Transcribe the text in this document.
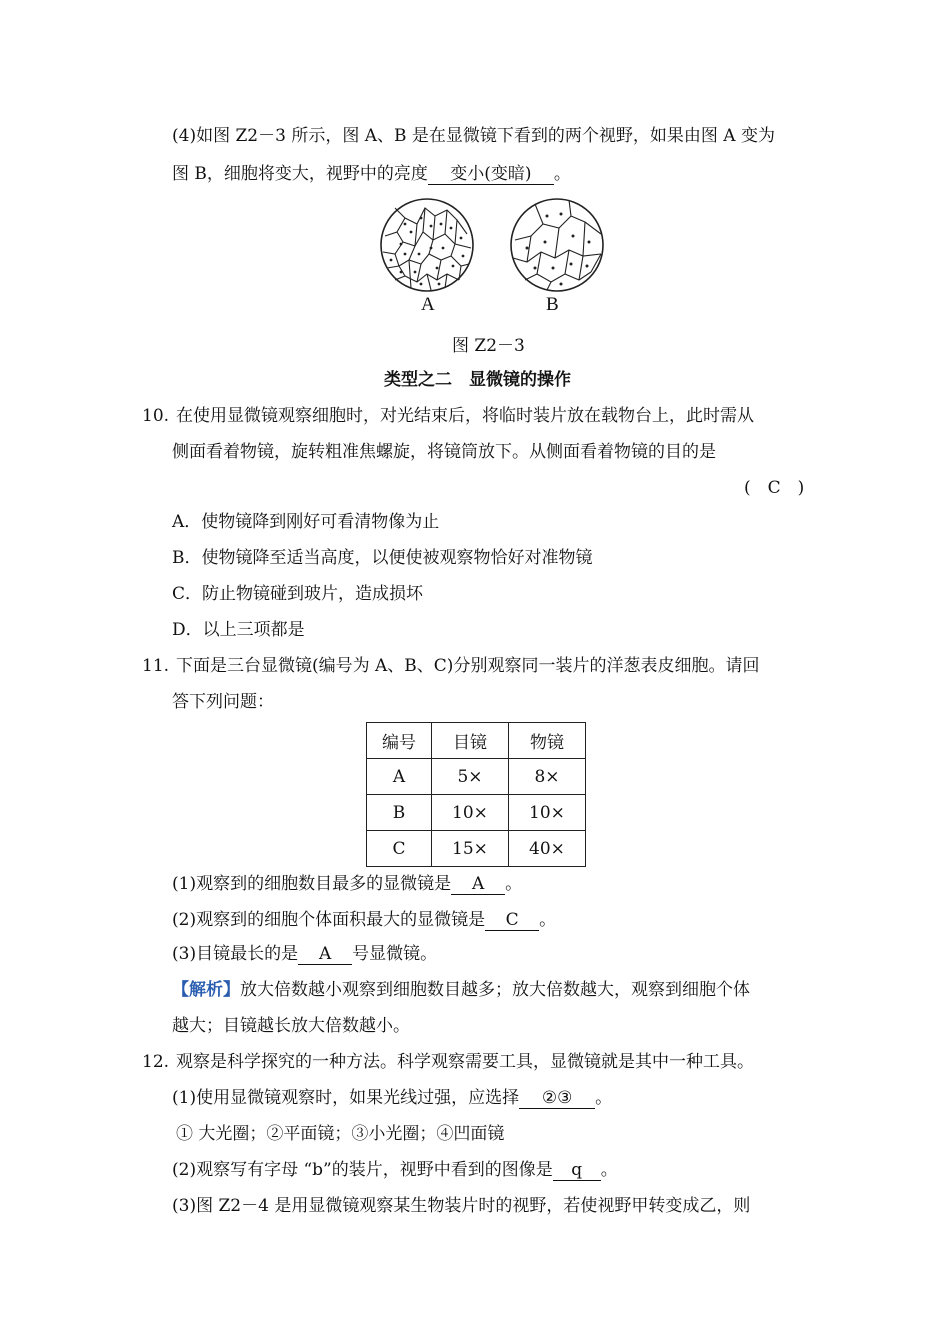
(4)如图 Z2－3 所示，图 A、B 是在显微镜下看到的两个视野，如果由图 A 变为
图 B，细胞将变大，视野中的亮度 变小(变暗) 。
A	B
图 Z2－3
类型之二　显微镜的操作
10. 在使用显微镜观察细胞时，对光结束后，将临时装片放在载物台上，此时需从
侧面看着物镜，旋转粗准焦螺旋，将镜筒放下。从侧面看着物镜的目的是
(　C　)
A．使物镜降到刚好可看清物像为止
B．使物镜降至适当高度，以便使被观察物恰好对准物镜
C．防止物镜碰到玻片，造成损坏
D．以上三项都是
11. 下面是三台显微镜(编号为 A、B、C)分别观察同一装片的洋葱表皮细胞。请回
答下列问题：
编号	目镜	物镜
A	5×	8×
B	10×	10×
C	15×	40×
(1)观察到的细胞数目最多的显微镜是 A 。
(2)观察到的细胞个体面积最大的显微镜是 C 。
(3)目镜最长的是 A 号显微镜。
【解析】放大倍数越小观察到细胞数目越多；放大倍数越大，观察到细胞个体
越大；目镜越长放大倍数越小。
12. 观察是科学探究的一种方法。科学观察需要工具，显微镜就是其中一种工具。
(1)使用显微镜观察时，如果光线过强，应选择 ②③ 。
① 大光圈；②平面镜；③小光圈；④凹面镜
(2)观察写有字母 “b”的装片，视野中看到的图像是 q 。
(3)图 Z2－4 是用显微镜观察某生物装片时的视野，若使视野甲转变成乙，则
